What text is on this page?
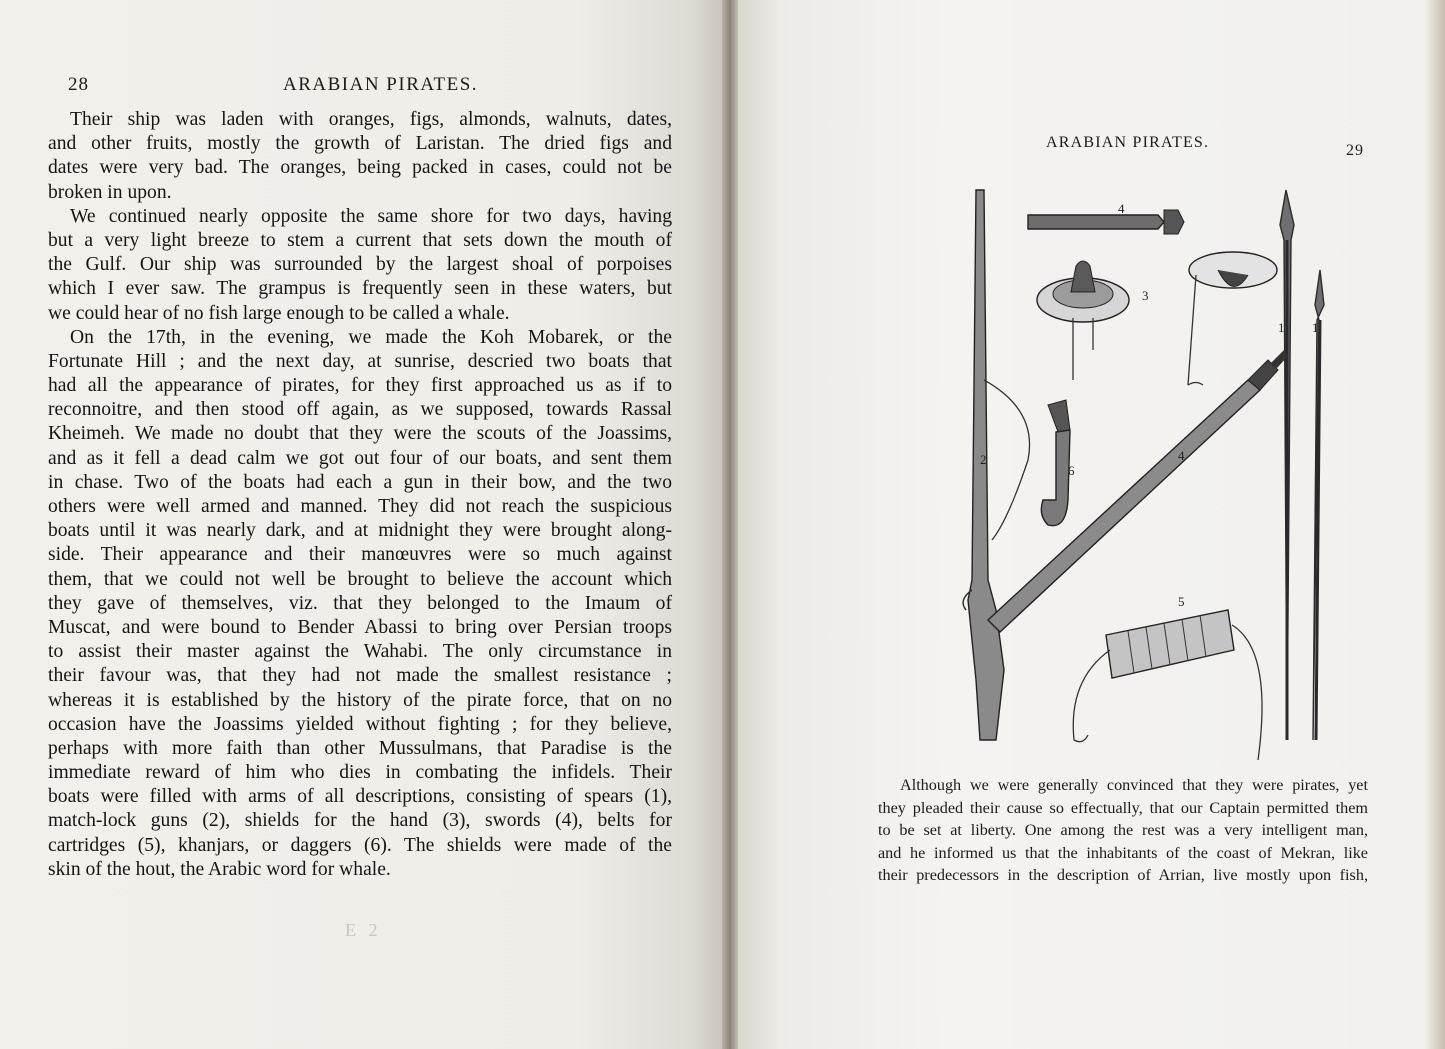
28	ARABIAN PIRATES.
Their ship was laden with oranges, figs, almonds, walnuts, dates,
and other fruits, mostly the growth of Laristan. The dried figs and
dates were very bad. The oranges, being packed in cases, could not be
broken in upon.
We continued nearly opposite the same shore for two days, having
but a very light breeze to stem a current that sets down the mouth of
the Gulf. Our ship was surrounded by the largest shoal of porpoises
which I ever saw. The grampus is frequently seen in these waters, but
we could hear of no fish large enough to be called a whale.
On the 17th, in the evening, we made the Koh Mobarek, or the
Fortunate Hill ; and the next day, at sunrise, descried two boats that
had all the appearance of pirates, for they first approached us as if to
reconnoitre, and then stood off again, as we supposed, towards Rassal
Kheimeh. We made no doubt that they were the scouts of the Joassims,
and as it fell a dead calm we got out four of our boats, and sent them
in chase. Two of the boats had each a gun in their bow, and the two
others were well armed and manned. They did not reach the suspicious
boats until it was nearly dark, and at midnight they were brought along-
side. Their appearance and their manœuvres were so much against
them, that we could not well be brought to believe the account which
they gave of themselves, viz. that they belonged to the Imaum of
Muscat, and were bound to Bender Abassi to bring over Persian troops
to assist their master against the Wahabi. The only circumstance in
their favour was, that they had not made the smallest resistance ;
whereas it is established by the history of the pirate force, that on no
occasion have the Joassims yielded without fighting ; for they believe,
perhaps with more faith than other Mussulmans, that Paradise is the
immediate reward of him who dies in combating the infidels. Their
boats were filled with arms of all descriptions, consisting of spears (1),
match-lock guns (2), shields for the hand (3), swords (4), belts for
cartridges (5), khanjars, or daggers (6). The shields were made of the
skin of the hout, the Arabic word for whale.
E 2
ARABIAN PIRATES.	29
4
3
1 1
2
6
4
5
Although we were generally convinced that they were pirates, yet
they pleaded their cause so effectually, that our Captain permitted them
to be set at liberty. One among the rest was a very intelligent man,
and he informed us that the inhabitants of the coast of Mekran, like
their predecessors in the description of Arrian, live mostly upon fish,
